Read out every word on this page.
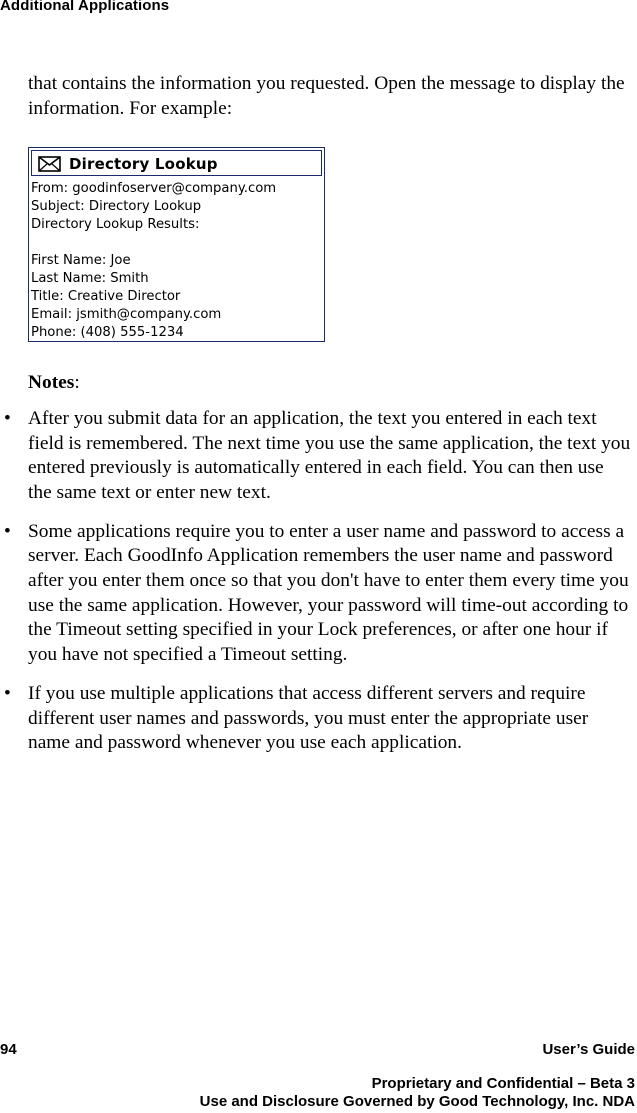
Additional Applications
that contains the information you requested. Open the message to display the information. For example:
Directory Lookup
From: goodinfoserver@company.com
Subject: Directory Lookup
Directory Lookup Results:
First Name: Joe
Last Name: Smith
Title: Creative Director
Email: jsmith@company.com
Phone: (408) 555-1234
Notes:
• After you submit data for an application, the text you entered in each text field is remembered. The next time you use the same application, the text you entered previously is automatically entered in each field. You can then use the same text or enter new text.
• Some applications require you to enter a user name and password to access a server. Each GoodInfo Application remembers the user name and password after you enter them once so that you don't have to enter them every time you use the same application. However, your password will time-out according to the Timeout setting specified in your Lock preferences, or after one hour if you have not specified a Timeout setting.
• If you use multiple applications that access different servers and require different user names and passwords, you must enter the appropriate user name and password whenever you use each application.
94	User’s Guide
Proprietary and Confidential – Beta 3
Use and Disclosure Governed by Good Technology, Inc. NDA
